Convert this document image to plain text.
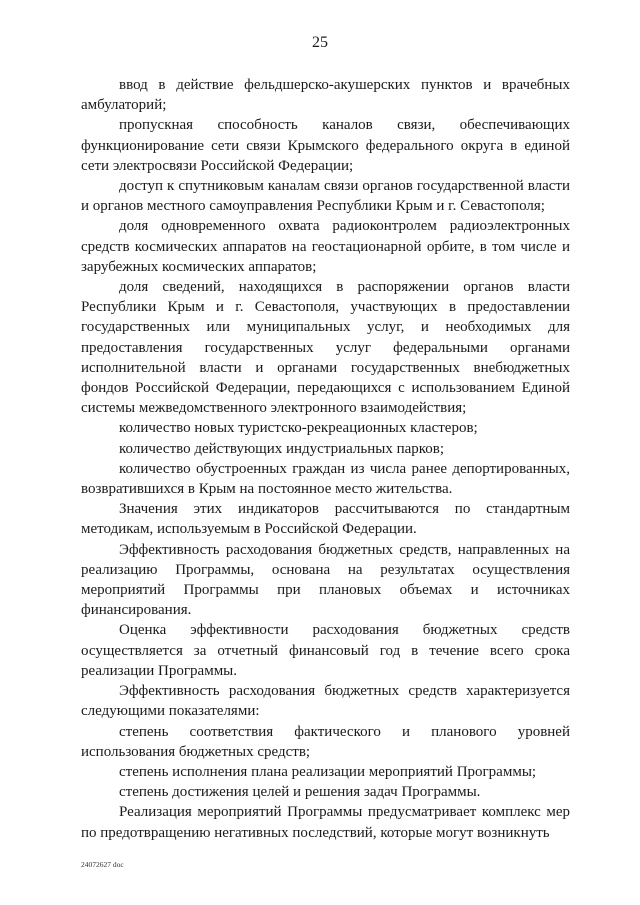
25

ввод в действие фельдшерско-акушерских пунктов и врачебных амбулаторий;

пропускная способность каналов связи, обеспечивающих функционирование сети связи Крымского федерального округа в единой сети электросвязи Российской Федерации;

доступ к спутниковым каналам связи органов государственной власти и органов местного самоуправления Республики Крым и г. Севастополя;

доля одновременного охвата радиоконтролем радиоэлектронных средств космических аппаратов на геостационарной орбите, в том числе и зарубежных космических аппаратов;

доля сведений, находящихся в распоряжении органов власти Республики Крым и г. Севастополя, участвующих в предоставлении государственных или муниципальных услуг, и необходимых для предоставления государственных услуг федеральными органами исполнительной власти и органами государственных внебюджетных фондов Российской Федерации, передающихся с использованием Единой системы межведомственного электронного взаимодействия;

количество новых туристско-рекреационных кластеров;

количество действующих индустриальных парков;

количество обустроенных граждан из числа ранее депортированных, возвратившихся в Крым на постоянное место жительства.

Значения этих индикаторов рассчитываются по стандартным методикам, используемым в Российской Федерации.

Эффективность расходования бюджетных средств, направленных на реализацию Программы, основана на результатах осуществления мероприятий Программы при плановых объемах и источниках финансирования.

Оценка эффективности расходования бюджетных средств осуществляется за отчетный финансовый год в течение всего срока реализации Программы.

Эффективность расходования бюджетных средств характеризуется следующими показателями:

степень соответствия фактического и планового уровней использования бюджетных средств;

степень исполнения плана реализации мероприятий Программы;

степень достижения целей и решения задач Программы.

Реализация мероприятий Программы предусматривает комплекс мер по предотвращению негативных последствий, которые могут возникнуть

24072627 doc
